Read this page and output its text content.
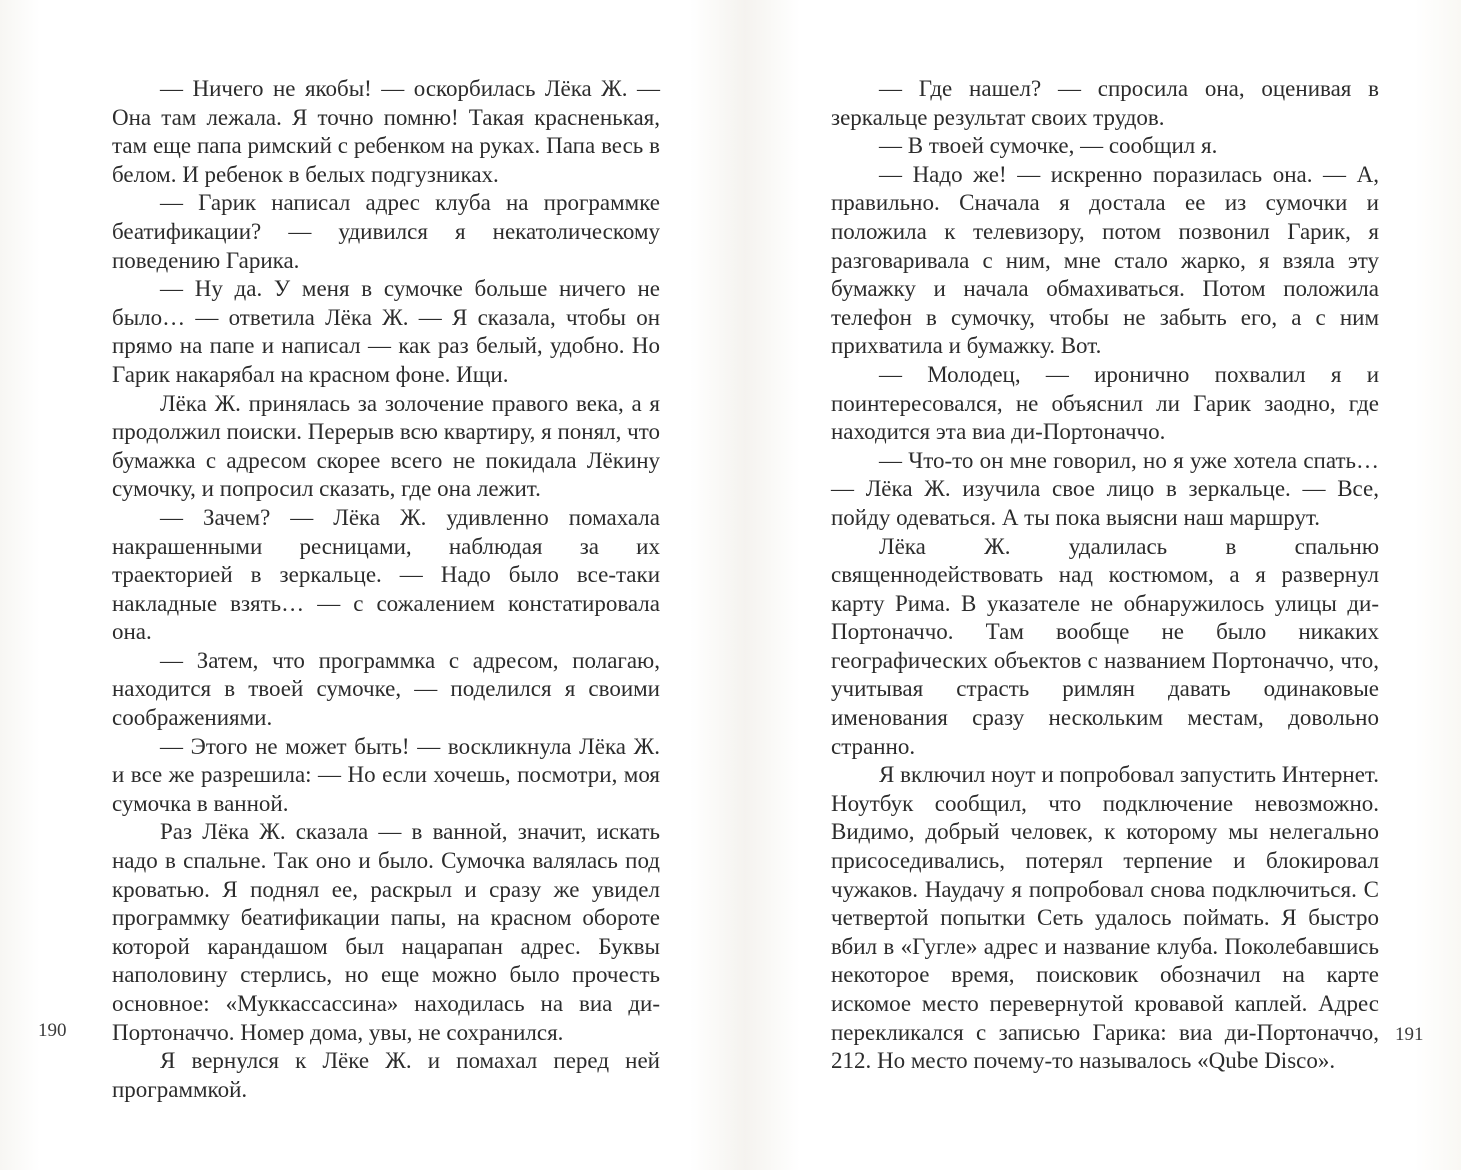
— Ничего не якобы! — оскорбилась Лёка Ж. — Она там лежала. Я точно помню! Такая красненькая, там еще папа римский с ребенком на руках. Папа весь в белом. И ребенок в белых подгузниках.

— Гарик написал адрес клуба на программке беатификации? — удивился я некатолическому поведению Гарика.

— Ну да. У меня в сумочке больше ничего не было… — ответила Лёка Ж. — Я сказала, чтобы он прямо на папе и написал — как раз белый, удобно. Но Гарик накарябал на красном фоне. Ищи.

Лёка Ж. принялась за золочение правого века, а я продолжил поиски. Перерыв всю квартиру, я понял, что бумажка с адресом скорее всего не покидала Лёкину сумочку, и попросил сказать, где она лежит.

— Зачем? — Лёка Ж. удивленно помахала накрашенными ресницами, наблюдая за их траекторией в зеркальце. — Надо было все-таки накладные взять… — с сожалением констатировала она.

— Затем, что программка с адресом, полагаю, находится в твоей сумочке, — поделился я своими соображениями.

— Этого не может быть! — воскликнула Лёка Ж. и все же разрешила: — Но если хочешь, посмотри, моя сумочка в ванной.

Раз Лёка Ж. сказала — в ванной, значит, искать надо в спальне. Так оно и было. Сумочка валялась под кроватью. Я поднял ее, раскрыл и сразу же увидел программку беатификации папы, на красном обороте которой карандашом был нацарапан адрес. Буквы наполовину стерлись, но еще можно было прочесть основное: «Муккассассина» находилась на виа ди-Портоначчо. Номер дома, увы, не сохранился.

Я вернулся к Лёке Ж. и помахал перед ней программкой.

190

— Где нашел? — спросила она, оценивая в зеркальце результат своих трудов.

— В твоей сумочке, — сообщил я.

— Надо же! — искренно поразилась она. — А, правильно. Сначала я достала ее из сумочки и положила к телевизору, потом позвонил Гарик, я разговаривала с ним, мне стало жарко, я взяла эту бумажку и начала обмахиваться. Потом положила телефон в сумочку, чтобы не забыть его, а с ним прихватила и бумажку. Вот.

— Молодец, — иронично похвалил я и поинтересовался, не объяснил ли Гарик заодно, где находится эта виа ди-Портоначчо.

— Что-то он мне говорил, но я уже хотела спать… — Лёка Ж. изучила свое лицо в зеркальце. — Все, пойду одеваться. А ты пока выясни наш маршрут.

Лёка Ж. удалилась в спальню священнодействовать над костюмом, а я развернул карту Рима. В указателе не обнаружилось улицы ди-Портоначчо. Там вообще не было никаких географических объектов с названием Портоначчо, что, учитывая страсть римлян давать одинаковые именования сразу нескольким местам, довольно странно.

Я включил ноут и попробовал запустить Интернет. Ноутбук сообщил, что подключение невозможно. Видимо, добрый человек, к которому мы нелегально присоседивались, потерял терпение и блокировал чужаков. Наудачу я попробовал снова подключиться. С четвертой попытки Сеть удалось поймать. Я быстро вбил в «Гугле» адрес и название клуба. Поколебавшись некоторое время, поисковик обозначил на карте искомое место перевернутой кровавой каплей. Адрес перекликался с записью Гарика: виа ди-Портоначчо, 212. Но место почему-то называлось «Qube Disco».

191
